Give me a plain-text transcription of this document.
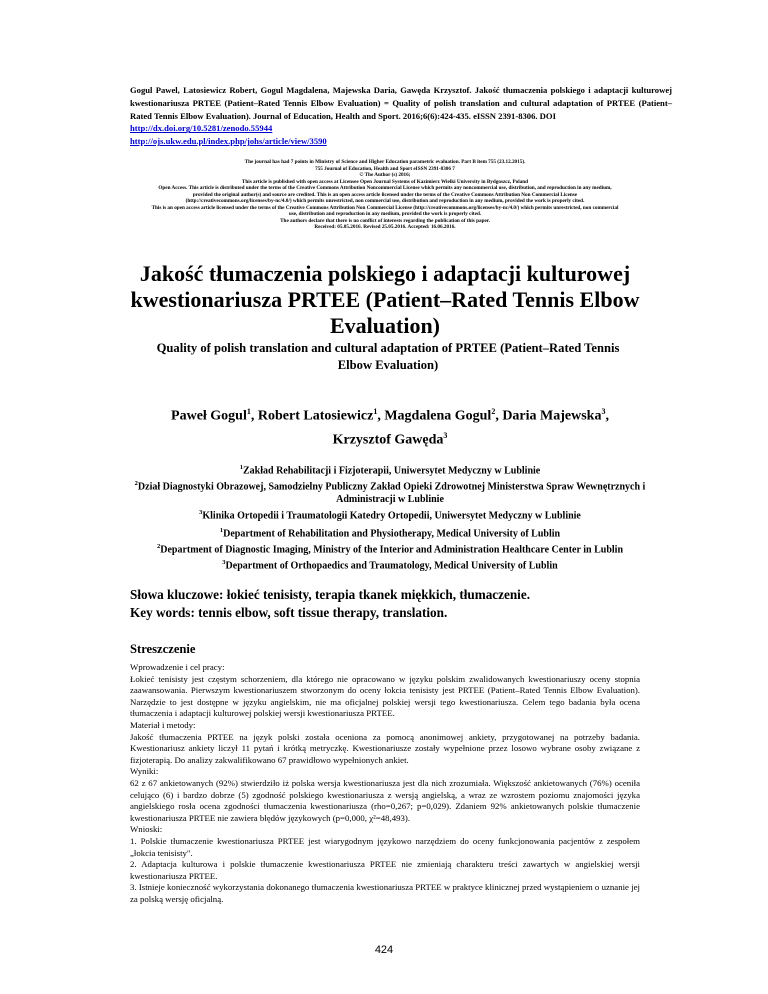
Gogul Pawel, Latosiewicz Robert, Gogul Magdalena, Majewska Daria, Gawęda Krzysztof. Jakość tłumaczenia polskiego i adaptacji kulturowej kwestionariusza PRTEE (Patient–Rated Tennis Elbow Evaluation) = Quality of polish translation and cultural adaptation of PRTEE (Patient–Rated Tennis Elbow Evaluation). Journal of Education, Health and Sport. 2016;6(6):424-435. eISSN 2391-8306. DOI
http://dx.doi.org/10.5281/zenodo.55944
http://ojs.ukw.edu.pl/index.php/johs/article/view/3590
The journal has had 7 points in Ministry of Science and Higher Education parametric evaluation. Part B item 755 (23.12.2015).
755 Journal of Education, Health and Sport eISSN 2391-8306 7
© The Author (s) 2016;
This article is published with open access at Licensee Open Journal Systems of Kazimierz Wielki University in Bydgoszcz, Poland
Open Access. This article is distributed under the terms of the Creative Commons Attribution Noncommercial License which permits any noncommercial use, distribution, and reproduction in any medium,
provided the original author(s) and source are credited. This is an open access article licensed under the terms of the Creative Commons Attribution Non Commercial License
(http://creativecommons.org/licenses/by-nc/4.0/) which permits unrestricted, non commercial use, distribution and reproduction in any medium, provided the work is properly cited.
This is an open access article licensed under the terms of the Creative Commons Attribution Non Commercial License (http://creativecommons.org/licenses/by-nc/4.0/) which permits unrestricted, non commercial
use, distribution and reproduction in any medium, provided the work is properly cited.
The authors declare that there is no conflict of interests regarding the publication of this paper.
Received: 05.05.2016. Revised 25.05.2016. Accepted: 16.06.2016.
Jakość tłumaczenia polskiego i adaptacji kulturowej kwestionariusza PRTEE (Patient–Rated Tennis Elbow Evaluation)
Quality of polish translation and cultural adaptation of PRTEE (Patient–Rated Tennis Elbow Evaluation)
Paweł Gogul$^1$, Robert Latosiewicz$^1$, Magdalena Gogul$^2$, Daria Majewska$^3$,
Krzysztof Gawęda$^3$
$^1$Zakład Rehabilitacji i Fizjoterapii, Uniwersytet Medyczny w Lublinie
$^2$Dział Diagnostyki Obrazowej, Samodzielny Publiczny Zakład Opieki Zdrowotnej Ministerstwa Spraw Wewnętrznych i Administracji w Lublinie
$^3$Klinika Ortopedii i Traumatologii Katedry Ortopedii, Uniwersytet Medyczny w Lublinie
$^1$Department of Rehabilitation and Physiotherapy, Medical University of Lublin
$^2$Department of Diagnostic Imaging, Ministry of the Interior and Administration Healthcare Center in Lublin
$^3$Department of Orthopaedics and Traumatology, Medical University of Lublin
Słowa kluczowe: łokieć tenisisty, terapia tkanek miękkich, tłumaczenie.
Key words: tennis elbow, soft tissue therapy, translation.
Streszczenie
Wprowadzenie i cel pracy:
Łokieć tenisisty jest częstym schorzeniem, dla którego nie opracowano w języku polskim zwalidowanych kwestionariuszy oceny stopnia zaawansowania. Pierwszym kwestionariuszem stworzonym do oceny łokcia tenisisty jest PRTEE (Patient–Rated Tennis Elbow Evaluation). Narzędzie to jest dostępne w języku angielskim, nie ma oficjalnej polskiej wersji tego kwestionariusza. Celem tego badania była ocena tłumaczenia i adaptacji kulturowej polskiej wersji kwestionariusza PRTEE.
Materiał i metody:
Jakość tłumaczenia PRTEE na język polski została oceniona za pomocą anonimowej ankiety, przygotowanej na potrzeby badania. Kwestionariusz ankiety liczył 11 pytań i krótką metryczkę. Kwestionariusze zostały wypełnione przez losowo wybrane osoby związane z fizjoterapią. Do analizy zakwalifikowano 67 prawidłowo wypełnionych ankiet.
Wyniki:
62 z 67 ankietowanych (92%) stwierdziło iż polska wersja kwestionariusza jest dla nich zrozumiała. Większość ankietowanych (76%) oceniła celująco (6) i bardzo dobrze (5) zgodność polskiego kwestionariusza z wersją angielską, a wraz ze wzrostem poziomu znajomości języka angielskiego rosła ocena zgodności tłumaczenia kwestionariusza (rho=0,267; p=0,029). Zdaniem 92% ankietowanych polskie tłumaczenie kwestionariusza PRTEE nie zawiera błędów językowych (p=0,000, χ²=48,493).
Wnioski:
1. Polskie tłumaczenie kwestionariusza PRTEE jest wiarygodnym językowo narzędziem do oceny funkcjonowania pacjentów z zespołem „łokcia tenisisty".
2. Adaptacja kulturowa i polskie tłumaczenie kwestionariusza PRTEE nie zmieniają charakteru treści zawartych w angielskiej wersji kwestionariusza PRTEE.
3. Istnieje konieczność wykorzystania dokonanego tłumaczenia kwestionariusza PRTEE w praktyce klinicznej przed wystąpieniem o uznanie jej za polską wersję oficjalną.
424
